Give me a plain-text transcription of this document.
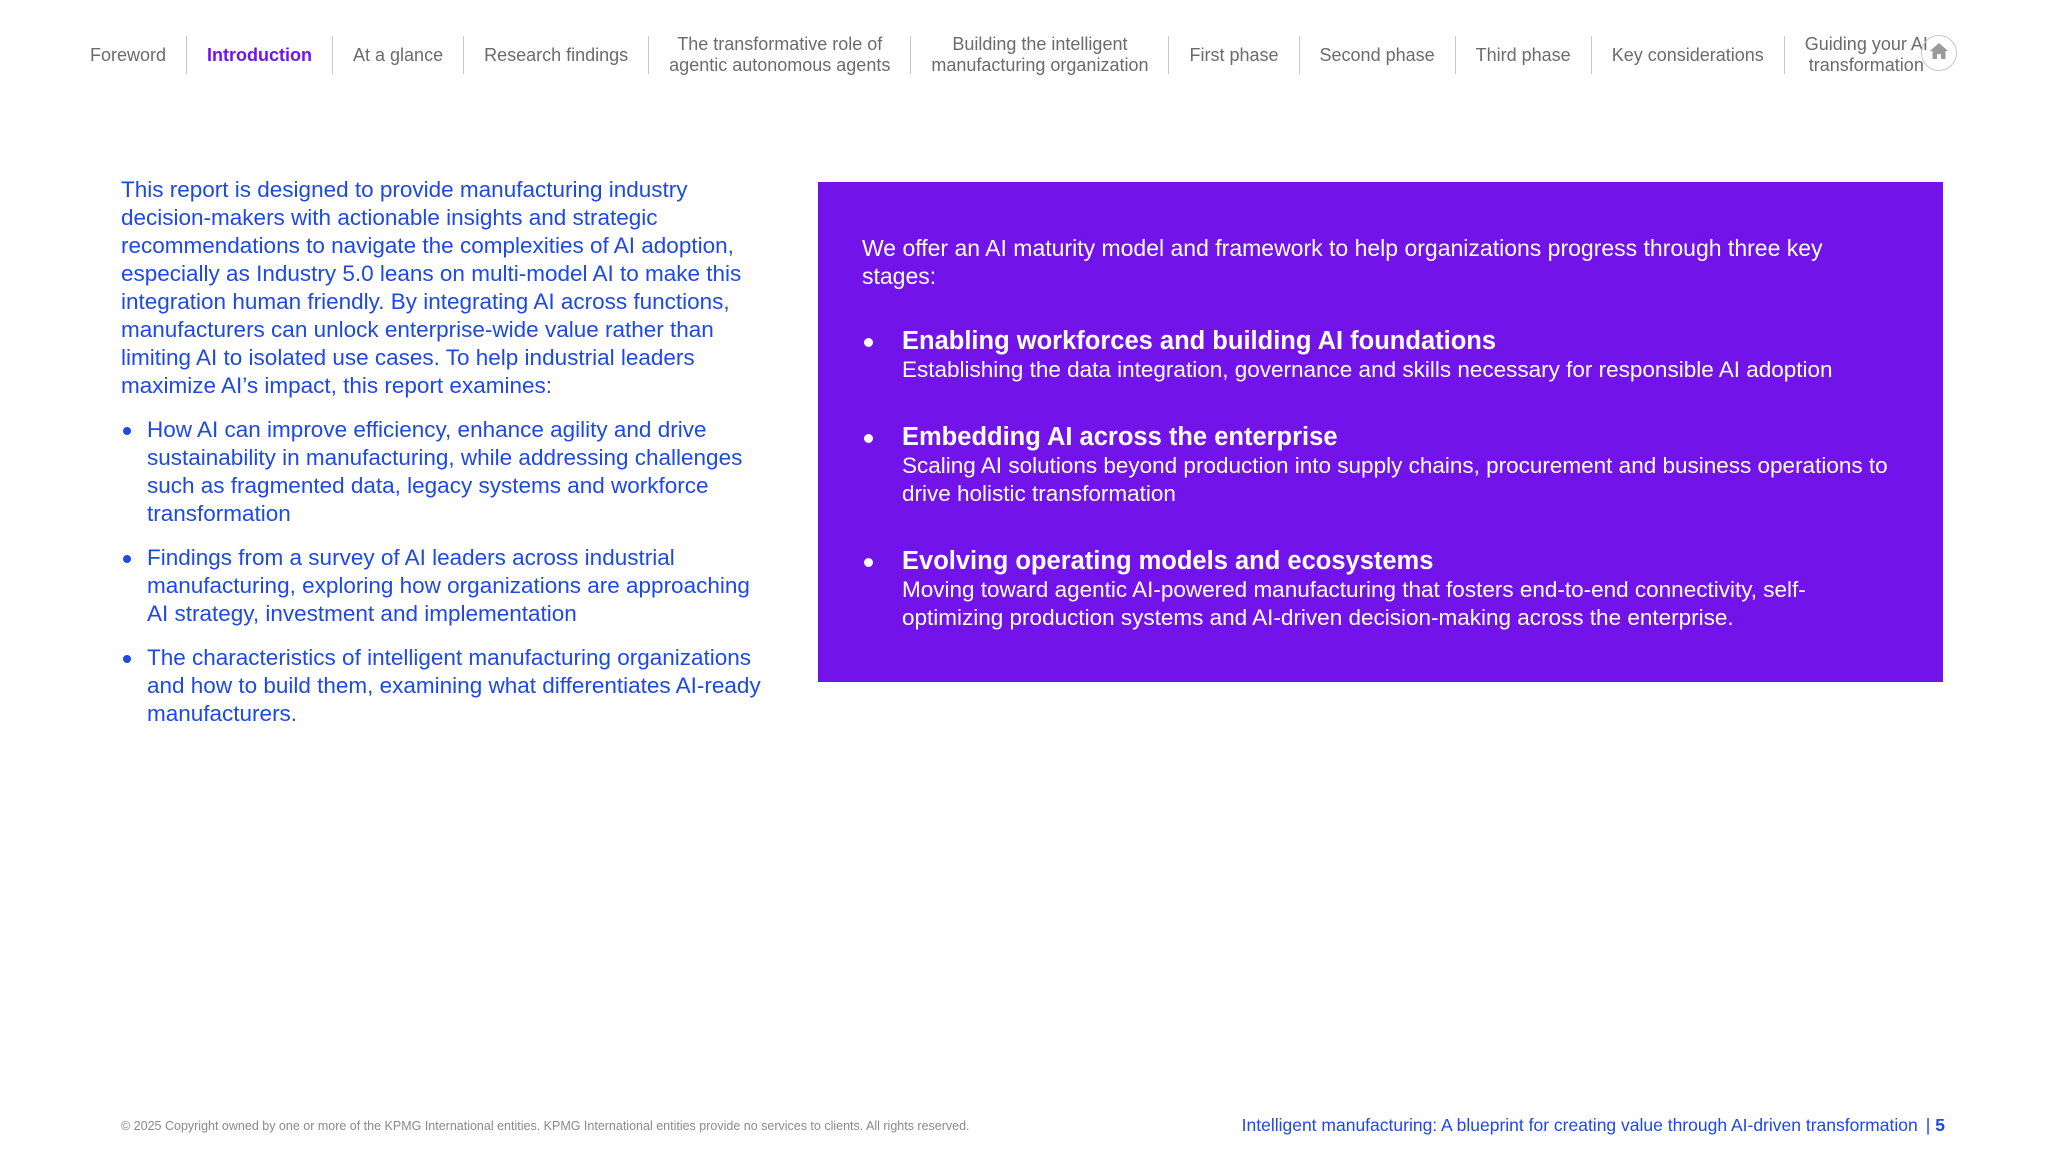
Foreword	Introduction	At a glance	Research findings
The transformative role of
agentic autonomous agents
Building the intelligent
manufacturing organization
First phase	Second phase	Third phase	Key considerations
Guiding your AI
transformation

This report is designed to provide manufacturing industry decision-makers with actionable insights and strategic recommendations to navigate the complexities of AI adoption, especially as Industry 5.0 leans on multi-model AI to make this integration human friendly. By integrating AI across functions, manufacturers can unlock enterprise-wide value rather than limiting AI to isolated use cases. To help industrial leaders maximize AI’s impact, this report examines:

How AI can improve efficiency, enhance agility and drive sustainability in manufacturing, while addressing challenges such as fragmented data, legacy systems and workforce transformation
Findings from a survey of AI leaders across industrial manufacturing, exploring how organizations are approaching AI strategy, investment and implementation
The characteristics of intelligent manufacturing organizations and how to build them, examining what differentiates AI-ready manufacturers.

We offer an AI maturity model and framework to help organizations progress through three key stages:

Enabling workforces and building AI foundations
Establishing the data integration, governance and skills necessary for responsible AI adoption
Embedding AI across the enterprise
Scaling AI solutions beyond production into supply chains, procurement and business operations to drive holistic transformation
Evolving operating models and ecosystems
Moving toward agentic AI-powered manufacturing that fosters end-to-end connectivity, self-optimizing production systems and AI-driven decision-making across the enterprise.
© 2025 Copyright owned by one or more of the KPMG International entities. KPMG International entities provide no services to clients. All rights reserved.	Intelligent manufacturing: A blueprint for creating value through AI-driven transformation | 5
